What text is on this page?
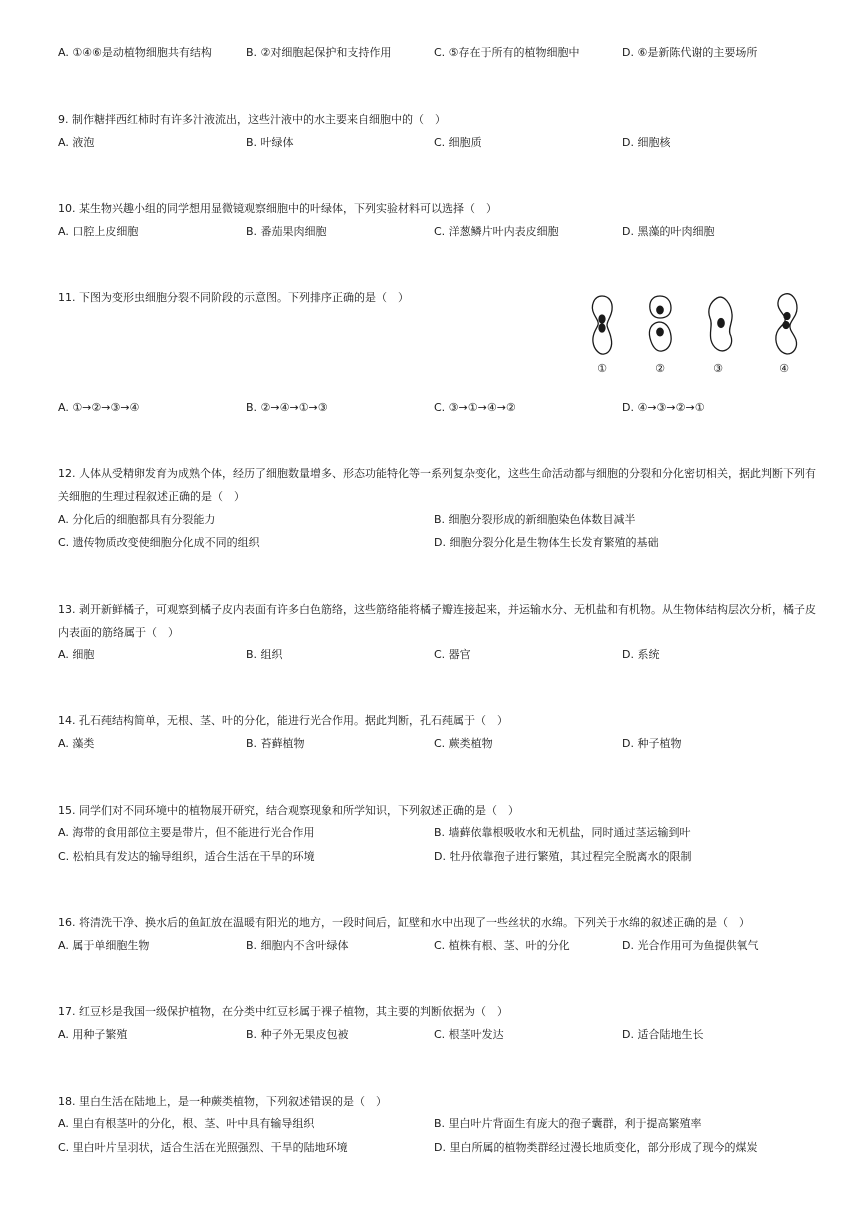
A. ①④⑥是动植物细胞共有结构	B. ②对细胞起保护和支持作用	C. ⑤存在于所有的植物细胞中	D. ⑥是新陈代谢的主要场所
9. 制作糖拌西红柿时有许多汁液流出，这些汁液中的水主要来自细胞中的（　）
A. 液泡	B. 叶绿体	C. 细胞质	D. 细胞核
10. 某生物兴趣小组的同学想用显微镜观察细胞中的叶绿体，下列实验材料可以选择（　）
A. 口腔上皮细胞	B. 番茄果肉细胞	C. 洋葱鳞片叶内表皮细胞	D. 黑藻的叶肉细胞
11. 下图为变形虫细胞分裂不同阶段的示意图。下列排序正确的是（　）
①	②	③	④
A. ①→②→③→④	B. ②→④→①→③	C. ③→①→④→②	D. ④→③→②→①
12. 人体从受精卵发育为成熟个体，经历了细胞数量增多、形态功能特化等一系列复杂变化，这些生命活动都与细胞的分裂和分化密切相关，据此判断下列有关细胞的生理过程叙述正确的是（　）
A. 分化后的细胞都具有分裂能力	B. 细胞分裂形成的新细胞染色体数目减半
C. 遗传物质改变使细胞分化成不同的组织	D. 细胞分裂分化是生物体生长发育繁殖的基础
13. 剥开新鲜橘子，可观察到橘子皮内表面有许多白色筋络，这些筋络能将橘子瓣连接起来，并运输水分、无机盐和有机物。从生物体结构层次分析，橘子皮内表面的筋络属于（　）
A. 细胞	B. 组织	C. 器官	D. 系统
14. 孔石莼结构简单，无根、茎、叶的分化，能进行光合作用。据此判断，孔石莼属于（　）
A. 藻类	B. 苔藓植物	C. 蕨类植物	D. 种子植物
15. 同学们对不同环境中的植物展开研究，结合观察现象和所学知识，下列叙述正确的是（　）
A. 海带的食用部位主要是带片，但不能进行光合作用	B. 墙藓依靠根吸收水和无机盐，同时通过茎运输到叶
C. 松柏具有发达的输导组织，适合生活在干旱的环境	D. 牡丹依靠孢子进行繁殖，其过程完全脱离水的限制
16. 将清洗干净、换水后的鱼缸放在温暖有阳光的地方，一段时间后，缸壁和水中出现了一些丝状的水绵。下列关于水绵的叙述正确的是（　）
A. 属于单细胞生物	B. 细胞内不含叶绿体	C. 植株有根、茎、叶的分化	D. 光合作用可为鱼提供氧气
17. 红豆杉是我国一级保护植物，在分类中红豆杉属于裸子植物，其主要的判断依据为（　）
A. 用种子繁殖	B. 种子外无果皮包被	C. 根茎叶发达	D. 适合陆地生长
18. 里白生活在陆地上，是一种蕨类植物，下列叙述错误的是（　）
A. 里白有根茎叶的分化，根、茎、叶中具有输导组织	B. 里白叶片背面生有庞大的孢子囊群，利于提高繁殖率
C. 里白叶片呈羽状，适合生活在光照强烈、干旱的陆地环境	D. 里白所属的植物类群经过漫长地质变化，部分形成了现今的煤炭
